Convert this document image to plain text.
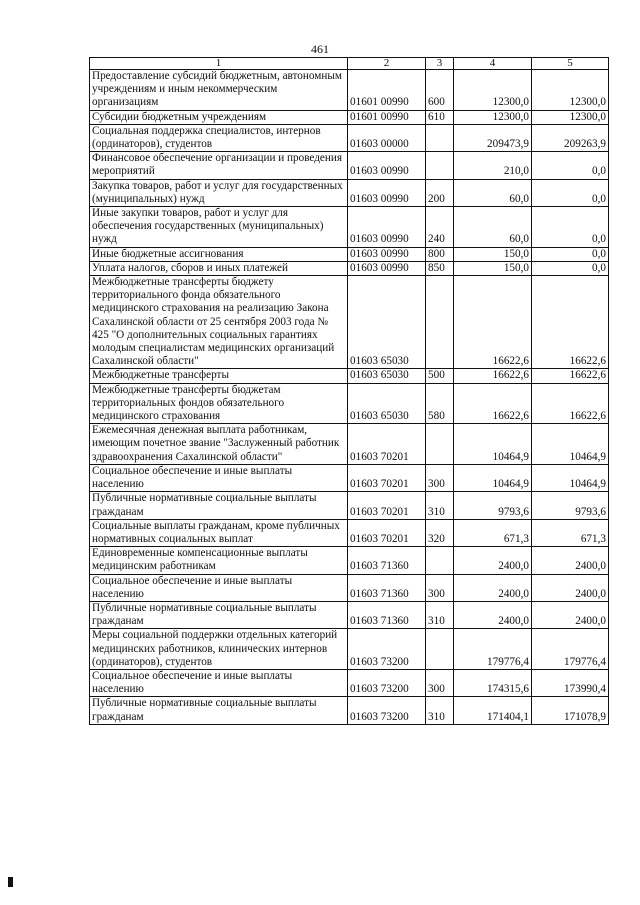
461
1	2	3	4	5
Предоставление субсидий бюджетным, автономным учреждениям и иным некоммерческим организациям	01601 00990	600	12300,0	12300,0
Субсидии бюджетным учреждениям	01601 00990	610	12300,0	12300,0
Социальная поддержка специалистов, интернов (ординаторов), студентов	01603 00000		209473,9	209263,9
Финансовое обеспечение организации и проведения мероприятий	01603 00990		210,0	0,0
Закупка товаров, работ и услуг для государственных (муниципальных) нужд	01603 00990	200	60,0	0,0
Иные закупки товаров, работ и услуг для обеспечения государственных (муниципальных) нужд	01603 00990	240	60,0	0,0
Иные бюджетные ассигнования	01603 00990	800	150,0	0,0
Уплата налогов, сборов и иных платежей	01603 00990	850	150,0	0,0
Межбюджетные трансферты бюджету территориального фонда обязательного медицинского страхования на реализацию Закона Сахалинской области от 25 сентября 2003 года № 425 "О дополнительных социальных гарантиях молодым специалистам медицинских организаций Сахалинской области"	01603 65030		16622,6	16622,6
Межбюджетные трансферты	01603 65030	500	16622,6	16622,6
Межбюджетные трансферты бюджетам территориальных фондов обязательного медицинского страхования	01603 65030	580	16622,6	16622,6
Ежемесячная денежная выплата работникам, имеющим почетное звание "Заслуженный работник здравоохранения Сахалинской области"	01603 70201		10464,9	10464,9
Социальное обеспечение и иные выплаты населению	01603 70201	300	10464,9	10464,9
Публичные нормативные социальные выплаты гражданам	01603 70201	310	9793,6	9793,6
Социальные выплаты гражданам, кроме публичных нормативных социальных выплат	01603 70201	320	671,3	671,3
Единовременные компенсационные выплаты медицинским работникам	01603 71360		2400,0	2400,0
Социальное обеспечение и иные выплаты населению	01603 71360	300	2400,0	2400,0
Публичные нормативные социальные выплаты гражданам	01603 71360	310	2400,0	2400,0
Меры социальной поддержки отдельных категорий медицинских работников, клинических интернов (ординаторов), студентов	01603 73200		179776,4	179776,4
Социальное обеспечение и иные выплаты населению	01603 73200	300	174315,6	173990,4
Публичные нормативные социальные выплаты гражданам	01603 73200	310	171404,1	171078,9
